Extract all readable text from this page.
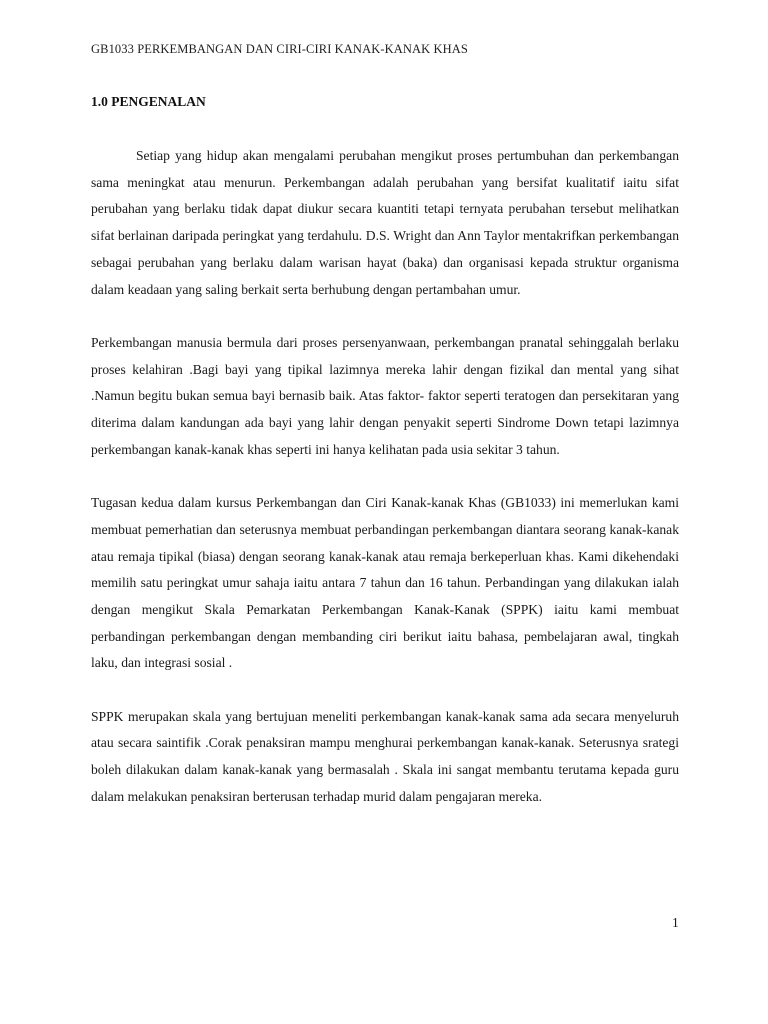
GB1033 PERKEMBANGAN DAN CIRI-CIRI KANAK-KANAK KHAS
1.0 PENGENALAN

Setiap yang hidup akan mengalami perubahan mengikut proses pertumbuhan dan perkembangan sama meningkat atau menurun. Perkembangan adalah perubahan yang bersifat kualitatif iaitu sifat perubahan yang berlaku tidak dapat diukur secara kuantiti tetapi ternyata perubahan tersebut melihatkan sifat berlainan daripada peringkat yang terdahulu. D.S. Wright dan Ann Taylor mentakrifkan perkembangan sebagai perubahan yang berlaku dalam warisan hayat (baka) dan organisasi kepada struktur organisma dalam keadaan yang saling berkait serta berhubung dengan pertambahan umur.

Perkembangan manusia bermula dari proses persenyanwaan, perkembangan pranatal sehinggalah berlaku proses kelahiran .Bagi bayi yang tipikal lazimnya mereka lahir dengan fizikal dan mental yang sihat .Namun begitu bukan semua bayi bernasib baik. Atas faktor- faktor seperti teratogen dan persekitaran yang diterima dalam kandungan ada bayi yang lahir dengan penyakit seperti Sindrome Down tetapi lazimnya perkembangan kanak-kanak khas seperti ini hanya kelihatan pada usia sekitar 3 tahun.

Tugasan kedua dalam kursus Perkembangan dan Ciri Kanak-kanak Khas (GB1033) ini memerlukan kami membuat pemerhatian dan seterusnya membuat perbandingan perkembangan diantara seorang kanak-kanak atau remaja tipikal (biasa) dengan seorang kanak-kanak atau remaja berkeperluan khas. Kami dikehendaki memilih satu peringkat umur sahaja iaitu antara 7 tahun dan 16 tahun. Perbandingan yang dilakukan ialah dengan mengikut Skala Pemarkatan Perkembangan Kanak-Kanak (SPPK) iaitu kami membuat perbandingan perkembangan dengan membanding ciri berikut iaitu bahasa, pembelajaran awal, tingkah laku, dan integrasi sosial .

SPPK merupakan skala yang bertujuan meneliti perkembangan kanak-kanak sama ada secara menyeluruh atau secara saintifik .Corak penaksiran mampu menghurai perkembangan kanak-kanak. Seterusnya srategi boleh dilakukan dalam kanak-kanak yang bermasalah . Skala ini sangat membantu terutama kepada guru dalam melakukan penaksiran berterusan terhadap murid dalam pengajaran mereka.

1
